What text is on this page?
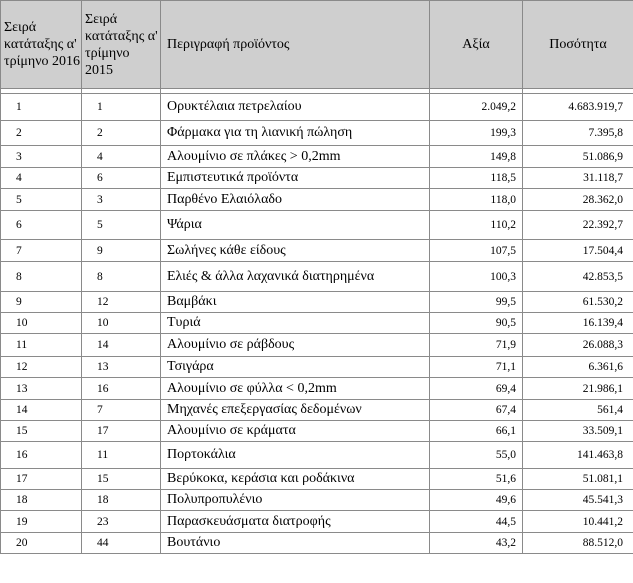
Σειρά κατάταξης α' τρίμηνο 2016	Σειρά κατάταξης α' τρίμηνο 2015	Περιγραφή προϊόντος	Αξία	Ποσότητα

1	1	Ορυκτέλαια πετρελαίου	2.049,2	4.683.919,7
2	2	Φάρμακα για τη λιανική πώληση	199,3	7.395,8
3	4	Αλουμίνιο σε πλάκες > 0,2mm	149,8	51.086,9
4	6	Εμπιστευτικά προϊόντα	118,5	31.118,7
5	3	Παρθένο Ελαιόλαδο	118,0	28.362,0
6	5	Ψάρια	110,2	22.392,7
7	9	Σωλήνες κάθε είδους	107,5	17.504,4
8	8	Ελιές & άλλα λαχανικά διατηρημένα	100,3	42.853,5
9	12	Βαμβάκι	99,5	61.530,2
10	10	Τυριά	90,5	16.139,4
11	14	Αλουμίνιο σε ράβδους	71,9	26.088,3
12	13	Τσιγάρα	71,1	6.361,6
13	16	Αλουμίνιο σε φύλλα < 0,2mm	69,4	21.986,1
14	7	Μηχανές επεξεργασίας δεδομένων	67,4	561,4
15	17	Αλουμίνιο σε κράματα	66,1	33.509,1
16	11	Πορτοκάλια	55,0	141.463,8
17	15	Βερύκοκα, κεράσια και ροδάκινα	51,6	51.081,1
18	18	Πολυπροπυλένιο	49,6	45.541,3
19	23	Παρασκευάσματα διατροφής	44,5	10.441,2
20	44	Βουτάνιο	43,2	88.512,0
